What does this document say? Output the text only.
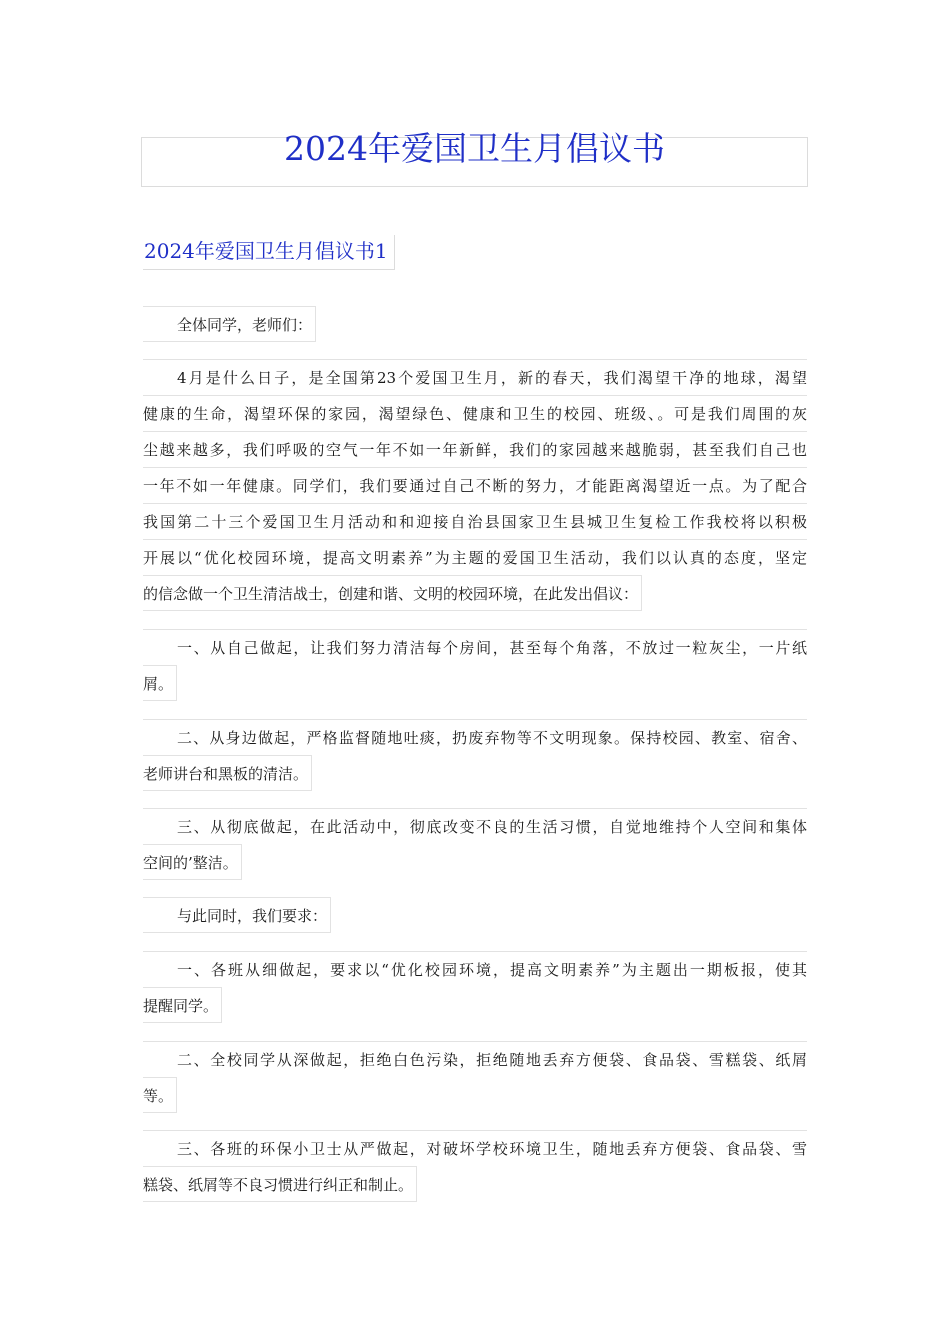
2024年爱国卫生月倡议书
2024年爱国卫生月倡议书1

全体同学，老师们：

4月是什么日子，是全国第23个爱国卫生月，新的春天，我们渴望干净的地球，渴望
健康的生命，渴望环保的家园，渴望绿色、健康和卫生的校园、班级、。可是我们周围的灰
尘越来越多，我们呼吸的空气一年不如一年新鲜，我们的家园越来越脆弱，甚至我们自己也
一年不如一年健康。同学们，我们要通过自己不断的努力，才能距离渴望近一点。为了配合
我国第二十三个爱国卫生月活动和和迎接自治县国家卫生县城卫生复检工作我校将以积极
开展以“优化校园环境，提高文明素养”为主题的爱国卫生活动，我们以认真的态度，坚定
的信念做一个卫生清洁战士，创建和谐、文明的校园环境，在此发出倡议：

一、从自己做起，让我们努力清洁每个房间，甚至每个角落，不放过一粒灰尘，一片纸
屑。

二、从身边做起，严格监督随地吐痰，扔废弃物等不文明现象。保持校园、教室、宿舍、
老师讲台和黑板的清洁。

三、从彻底做起，在此活动中，彻底改变不良的生活习惯，自觉地维持个人空间和集体
空间的’整洁。

与此同时，我们要求：

一、各班从细做起，要求以“优化校园环境，提高文明素养”为主题出一期板报，使其
提醒同学。

二、全校同学从深做起，拒绝白色污染，拒绝随地丢弃方便袋、食品袋、雪糕袋、纸屑
等。

三、各班的环保小卫士从严做起，对破坏学校环境卫生，随地丢弃方便袋、食品袋、雪
糕袋、纸屑等不良习惯进行纠正和制止。
